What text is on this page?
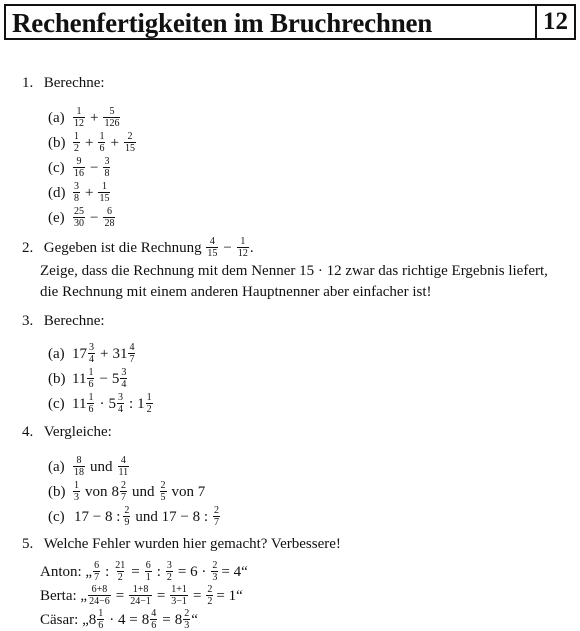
Rechenfertigkeiten im Bruchrechnen	12
1.
Berechne:
$(a) \frac{1}{12} + \frac{5}{126}$
$(b) \frac{1}{2} + \frac{1}{6} + \frac{2}{15}$
$(c) \frac{9}{16} - \frac{3}{8}$
$(d) \frac{3}{8} + \frac{1}{15}$
$(e) \frac{25}{30} - \frac{6}{28}$
2.
Gegeben ist die Rechnung
$\frac{4}{15} - \frac{1}{12}$ .
Zeige, dass die Rechnung mit dem Nenner 15 · 12 zwar das richtige Ergebnis liefert,
die Rechnung mit einem anderen Hauptnenner aber einfacher ist!
3.
Berechne:
(a) $17 \frac{3}{4} + 31 \frac{4}{7}$
(b) $11 \frac{1}{6} - 5 \frac{3}{4}$
(c) $11 \frac{1}{6} \cdot 5 \frac{3}{4}$ : $1 \frac{1}{2}$
4.
Vergleiche:
$(a) \frac{8}{18}$ und $\frac{4}{11}$
$(b) \frac{1}{3}$ von $8 \frac{2}{7}$ und $\frac{2}{5}$ von 7
(c) 17 − 8 : $\frac{2}{9}$ und 17 − 8 : $\frac{2}{7}$
5.
Welche Fehler wurden hier gemacht? Verbessere!
Anton:
„ $\frac{6}{7}$ : $\frac{21}{2} = \frac{6}{1}$ : $\frac{3}{2} = 6 \cdot \frac{2}{3}$ = 4“
Berta:
„ $\frac{6+8}{24-6} = \frac{1+8}{24-1} = \frac{1+1}{3-1} = \frac{2}{2}$ = 1“
Cäsar:
„ $8 \frac{1}{6} \cdot 4 = 8 \frac{4}{6} = 8 \frac{2}{3}$ “
